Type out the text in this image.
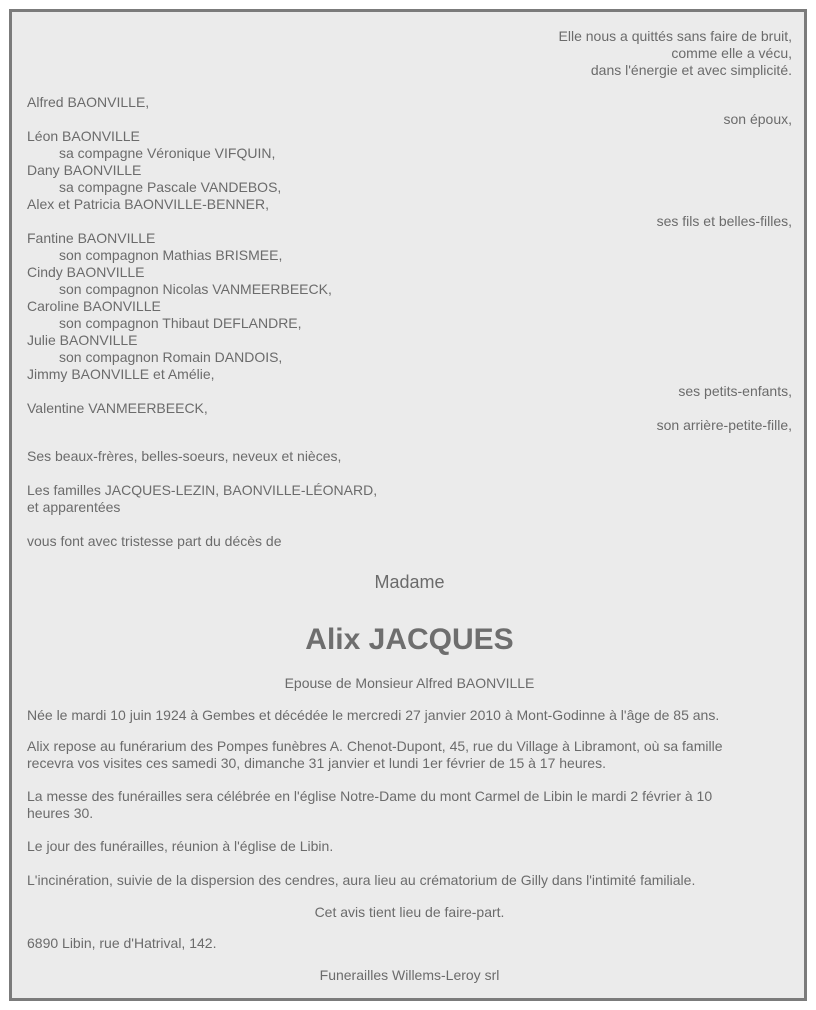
Elle nous a quittés sans faire de bruit,
comme elle a vécu,
dans l'énergie et avec simplicité.
Alfred BAONVILLE,
son époux,
Léon BAONVILLE
sa compagne Véronique VIFQUIN,
Dany BAONVILLE
sa compagne Pascale VANDEBOS,
Alex et Patricia BAONVILLE-BENNER,
ses fils et belles-filles,
Fantine BAONVILLE
son compagnon Mathias BRISMEE,
Cindy BAONVILLE
son compagnon Nicolas VANMEERBEECK,
Caroline BAONVILLE
son compagnon Thibaut DEFLANDRE,
Julie BAONVILLE
son compagnon Romain DANDOIS,
Jimmy BAONVILLE et Amélie,
ses petits-enfants,
Valentine VANMEERBEECK,
son arrière-petite-fille,
Ses beaux-frères, belles-soeurs, neveux et nièces,
Les familles JACQUES-LEZIN, BAONVILLE-LÉONARD,
et apparentées
vous font avec tristesse part du décès de
Madame
Alix JACQUES
Epouse de Monsieur Alfred BAONVILLE
Née le mardi 10 juin 1924 à Gembes et décédée le mercredi 27 janvier 2010 à Mont-Godinne à l'âge de 85 ans.
Alix repose au funérarium des Pompes funèbres A. Chenot-Dupont, 45, rue du Village à Libramont, où sa famille
recevra vos visites ces samedi 30, dimanche 31 janvier et lundi 1er février de 15 à 17 heures.
La messe des funérailles sera célébrée en l'église Notre-Dame du mont Carmel de Libin le mardi 2 février à 10
heures 30.
Le jour des funérailles, réunion à l'église de Libin.
L'incinération, suivie de la dispersion des cendres, aura lieu au crématorium de Gilly dans l'intimité familiale.
Cet avis tient lieu de faire-part.
6890 Libin, rue d'Hatrival, 142.
Funerailles Willems-Leroy srl
